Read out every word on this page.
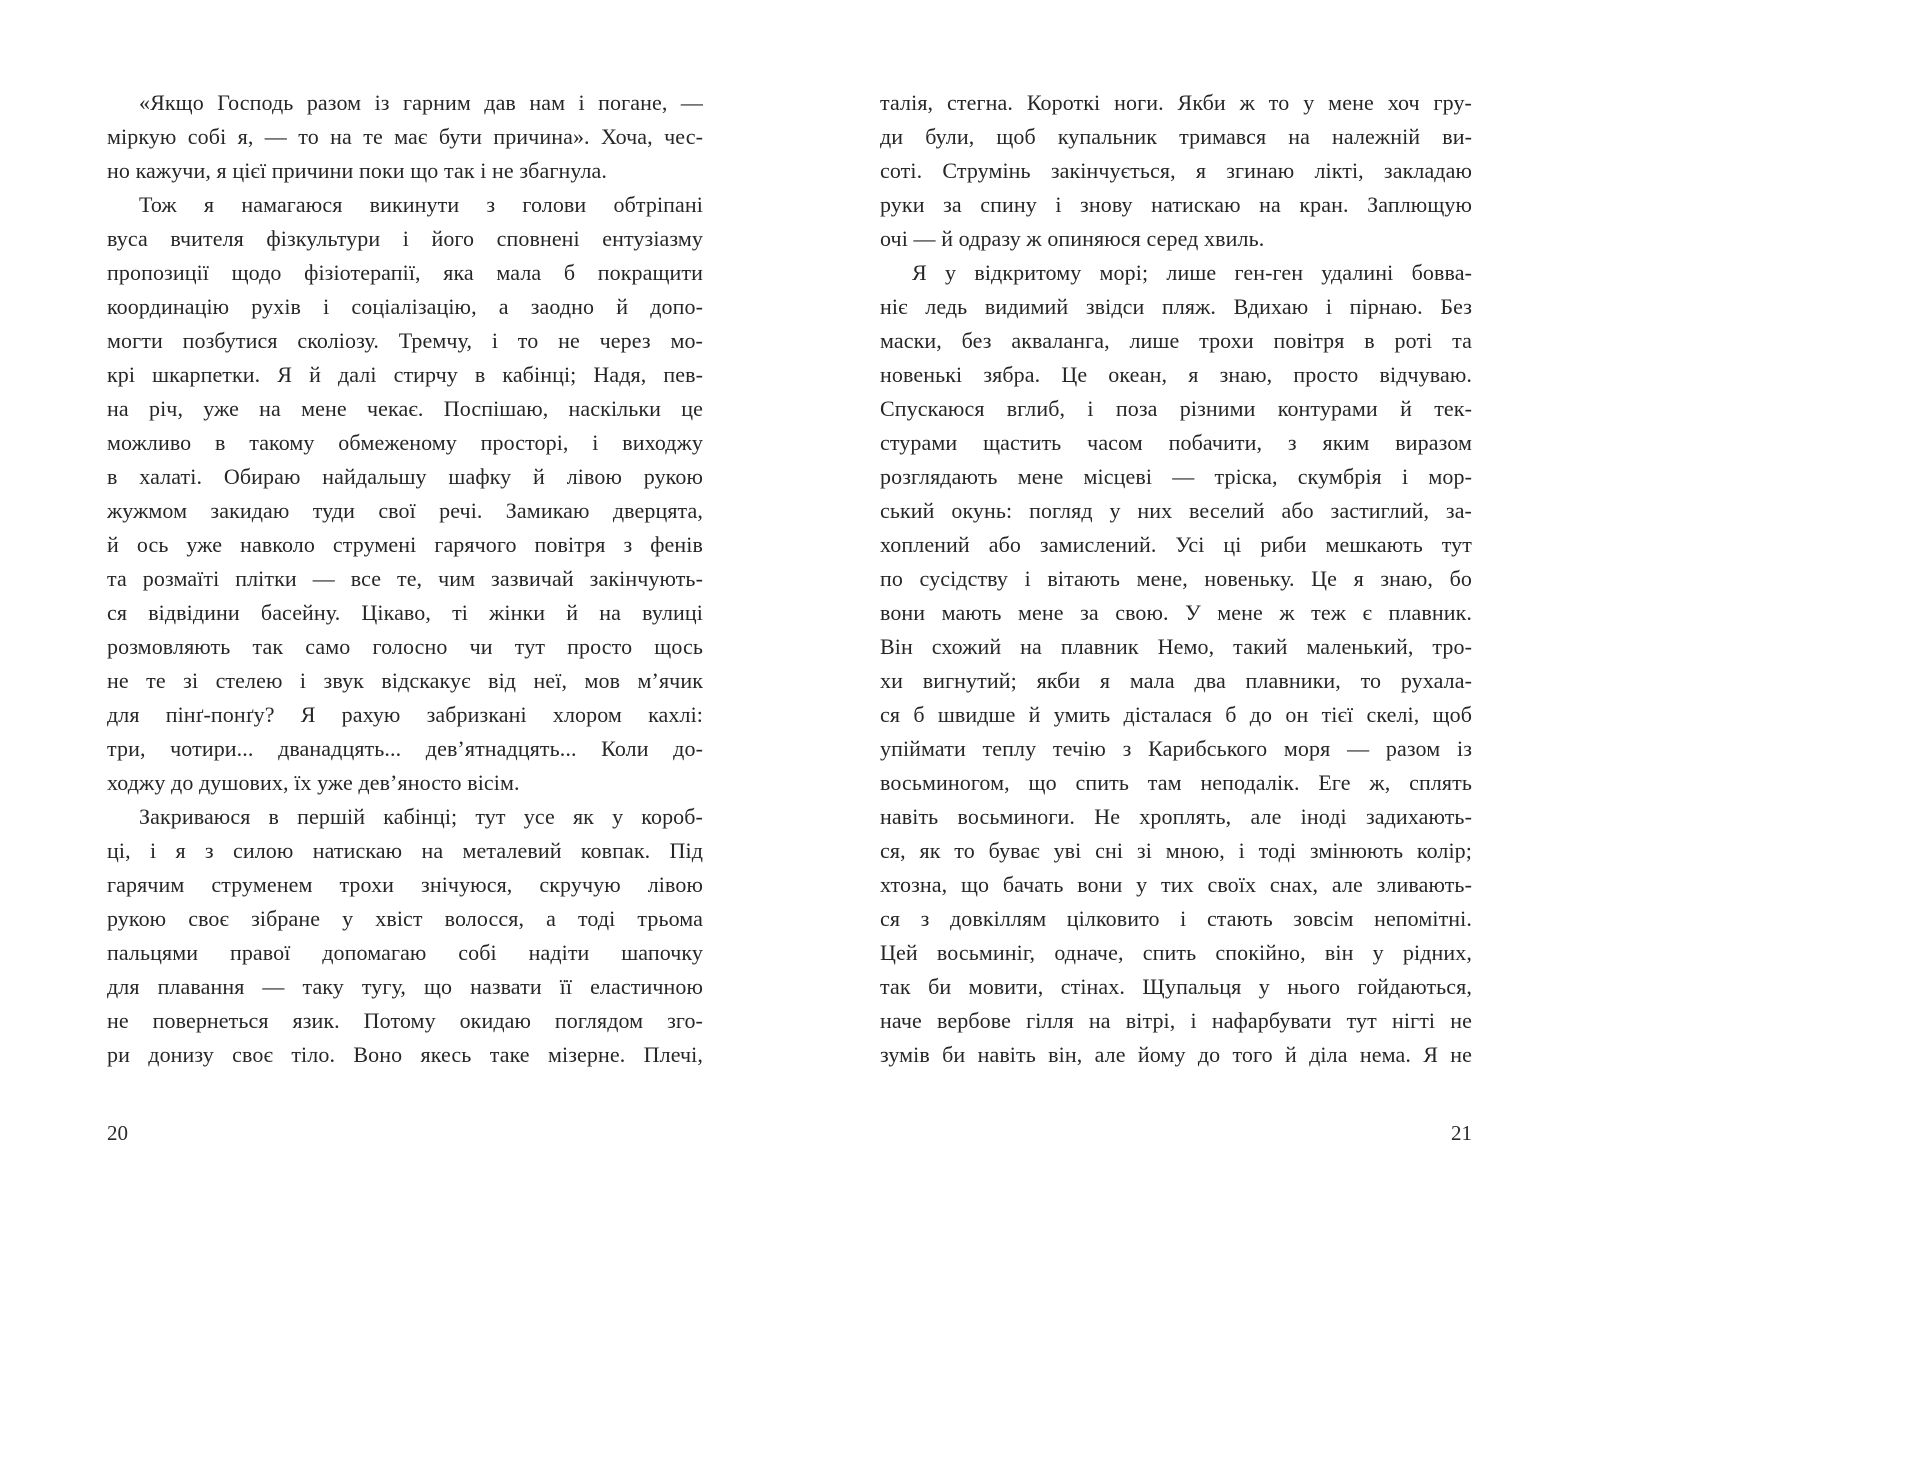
«Якщо Господь разом із гарним дав нам і погане, —
міркую собі я, — то на те має бути причина». Хоча, чес-
но кажучи, я цієї причини поки що так і не збагнула.
Тож я намагаюся викинути з голови обтріпані
вуса вчителя фізкультури і його сповнені ентузіазму
пропозиції щодо фізіотерапії, яка мала б покращити
координацію рухів і соціалізацію, а заодно й допо-
могти позбутися сколіозу. Тремчу, і то не через мо-
крі шкарпетки. Я й далі стирчу в кабінці; Надя, пев-
на річ, уже на мене чекає. Поспішаю, наскільки це
можливо в такому обмеженому просторі, і виходжу
в халаті. Обираю найдальшу шафку й лівою рукою
жужмом закидаю туди свої речі. Замикаю дверцята,
й ось уже навколо струмені гарячого повітря з фенів
та розмаїті плітки — все те, чим зазвичай закінчують-
ся відвідини басейну. Цікаво, ті жінки й на вулиці
розмовляють так само голосно чи тут просто щось
не те зі стелею і звук відскакує від неї, мов м’ячик
для пінґ-понґу? Я рахую забризкані хлором кахлі:
три, чотири... дванадцять... дев’ятнадцять... Коли до-
ходжу до душових, їх уже дев’яносто вісім.
Закриваюся в першій кабінці; тут усе як у короб-
ці, і я з силою натискаю на металевий ковпак. Під
гарячим струменем трохи знічуюся, скручую лівою
рукою своє зібране у хвіст волосся, а тоді трьома
пальцями правої допомагаю собі надіти шапочку
для плавання — таку тугу, що назвати її еластичною
не повернеться язик. Потому окидаю поглядом зго-
ри донизу своє тіло. Воно якесь таке мізерне. Плечі,
20
талія, стегна. Короткі ноги. Якби ж то у мене хоч гру-
ди були, щоб купальник тримався на належній ви-
соті. Струмінь закінчується, я згинаю лікті, закладаю
руки за спину і знову натискаю на кран. Заплющую
очі — й одразу ж опиняюся серед хвиль.
Я у відкритому морі; лише ген-ген удалині бовва-
ніє ледь видимий звідси пляж. Вдихаю і пірнаю. Без
маски, без акваланга, лише трохи повітря в роті та
новенькі зябра. Це океан, я знаю, просто відчуваю.
Спускаюся вглиб, і поза різними контурами й тек-
стурами щастить часом побачити, з яким виразом
розглядають мене місцеві — тріска, скумбрія і мор-
ський окунь: погляд у них веселий або застиглий, за-
хоплений або замислений. Усі ці риби мешкають тут
по сусідству і вітають мене, новеньку. Це я знаю, бо
вони мають мене за свою. У мене ж теж є плавник.
Він схожий на плавник Немо, такий маленький, тро-
хи вигнутий; якби я мала два плавники, то рухала-
ся б швидше й умить дісталася б до он тієї скелі, щоб
упіймати теплу течію з Карибського моря — разом із
восьминогом, що спить там неподалік. Еге ж, сплять
навіть восьминоги. Не хроплять, але іноді задихають-
ся, як то буває уві сні зі мною, і тоді змінюють колір;
хтозна, що бачать вони у тих своїх снах, але зливають-
ся з довкіллям цілковито і стають зовсім непомітні.
Цей восьминіг, одначе, спить спокійно, він у рідних,
так би мовити, стінах. Щупальця у нього гойдаються,
наче вербове гілля на вітрі, і нафарбувати тут нігті не
зумів би навіть він, але йому до того й діла нема. Я не
21
